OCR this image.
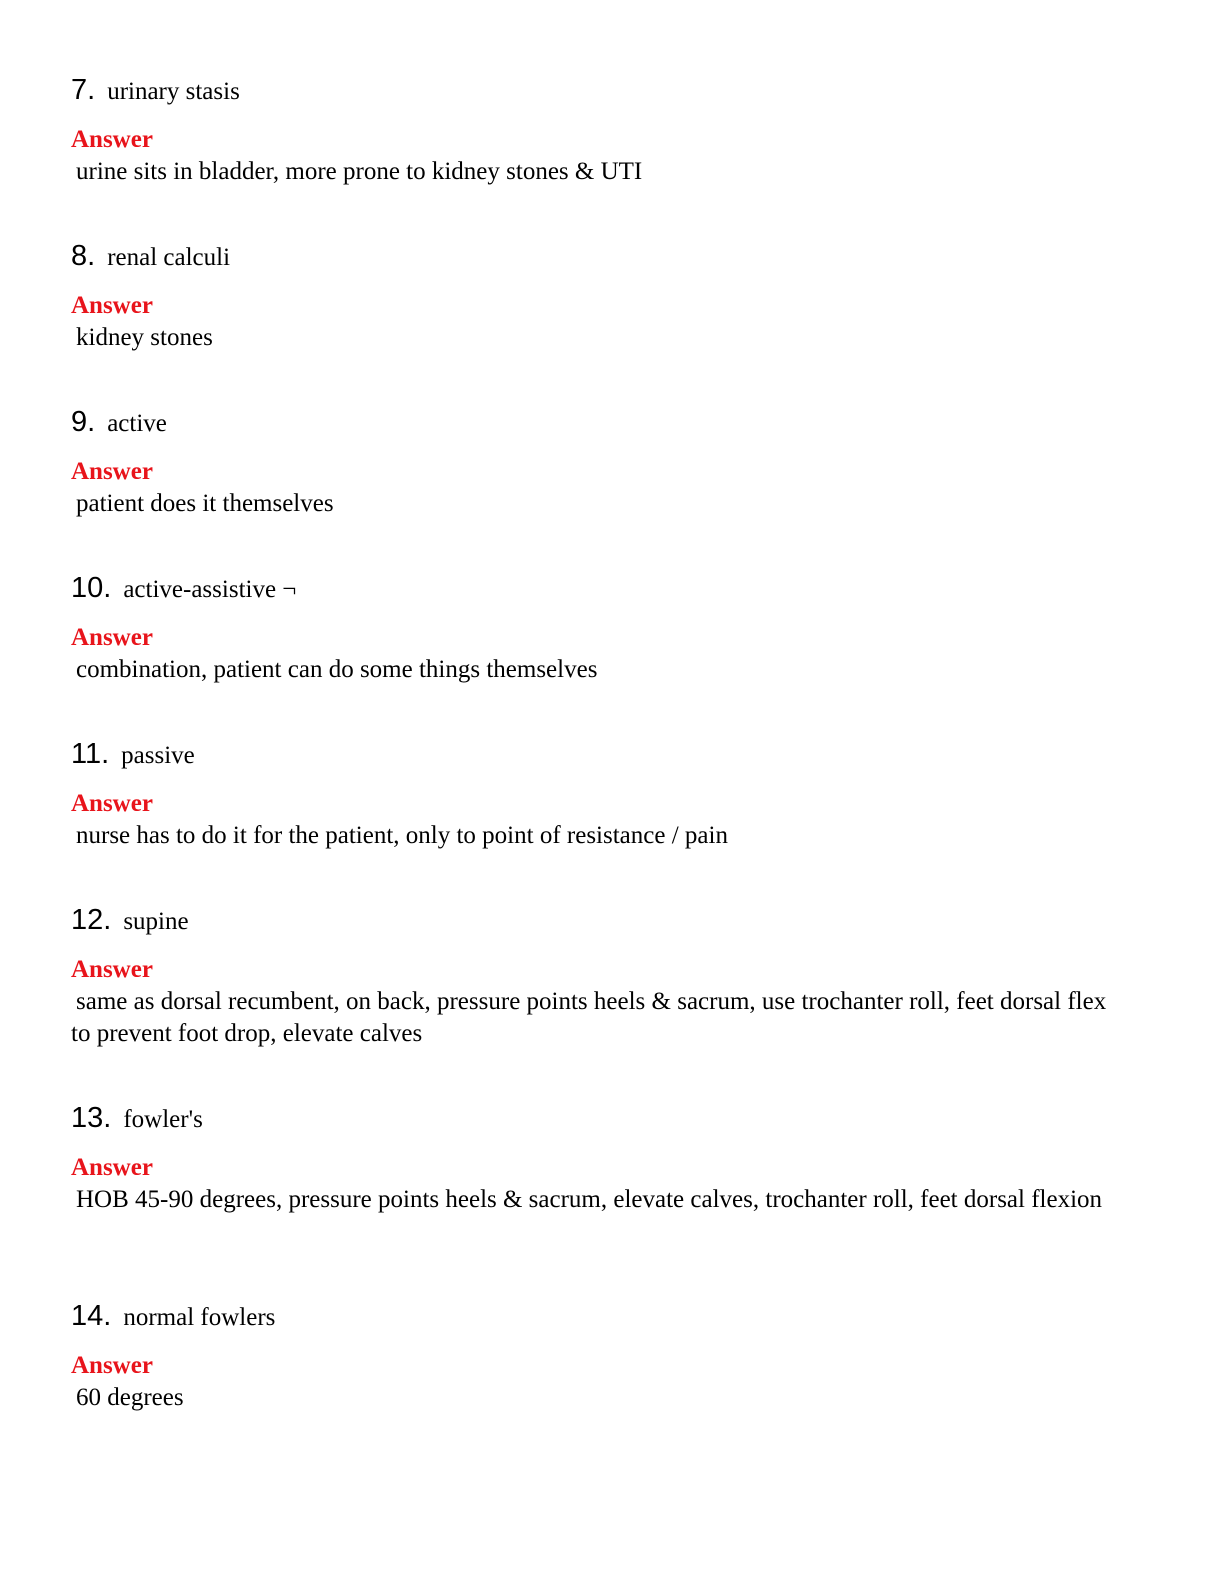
7. urinary stasis
Answer
urine sits in bladder, more prone to kidney stones & UTI
8. renal calculi
Answer
kidney stones
9. active
Answer
patient does it themselves
10. active-assistive ¬
Answer
combination, patient can do some things themselves
11. passive
Answer
nurse has to do it for the patient, only to point of resistance / pain
12. supine
Answer
same as dorsal recumbent, on back, pressure points heels & sacrum, use trochanter roll, feet dorsal flex to prevent foot drop, elevate calves
13. fowler's
Answer
HOB 45-90 degrees, pressure points heels & sacrum, elevate calves, trochanter roll, feet dorsal flexion
14. normal fowlers
Answer
60 degrees
